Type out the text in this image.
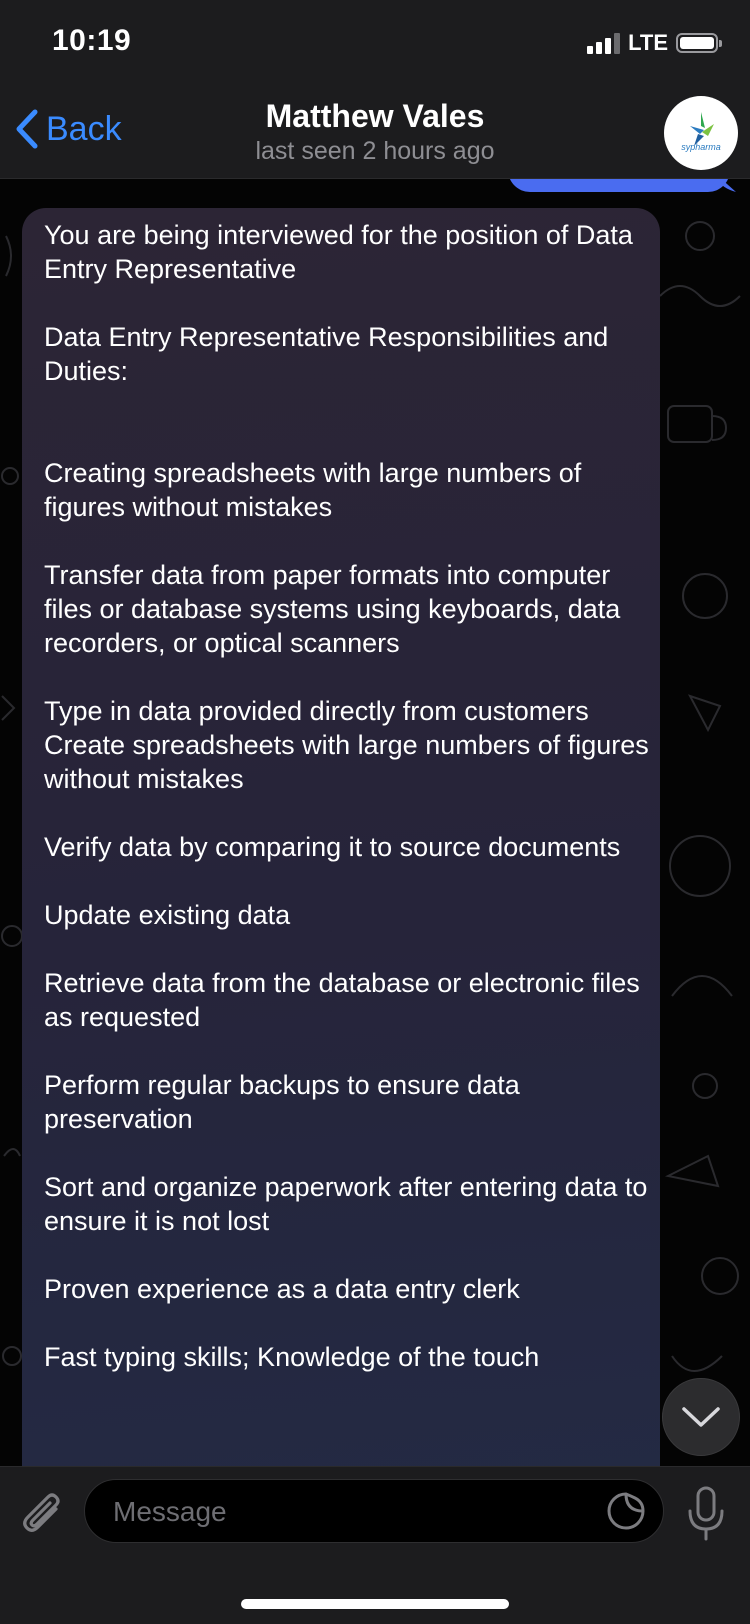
10:19	LTE
Back	Matthew Vales
last seen 2 hours ago	sypharma

You are being interviewed for the position of Data Entry Representative

Data Entry Representative Responsibilities and Duties:

Creating spreadsheets with large numbers of figures without mistakes

Transfer data from paper formats into computer files or database systems using keyboards, data recorders, or optical scanners

Type in data provided directly from customers

Create spreadsheets with large numbers of figures without mistakes

Verify data by comparing it to source documents

Update existing data

Retrieve data from the database or electronic files as requested

Perform regular backups to ensure data preservation

Sort and organize paperwork after entering data to ensure it is not lost

Proven experience as a data entry clerk

Fast typing skills; Knowledge of the touch

Message
